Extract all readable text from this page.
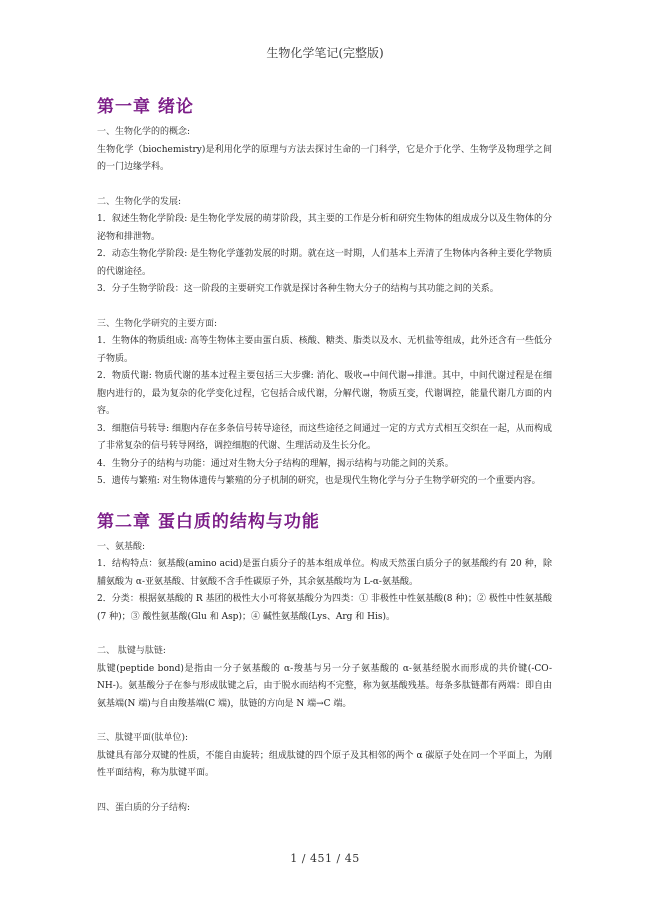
生物化学笔记(完整版)
第一章 绪论

一、生物化学的的概念:

生物化学（biochemistry)是利用化学的原理与方法去探讨生命的一门科学，它是介于化学、生物学及物理学之间的一门边缘学科。

二、生物化学的发展:

1．叙述生物化学阶段: 是生物化学发展的萌芽阶段，其主要的工作是分析和研究生物体的组成成分以及生物体的分泌物和排泄物。

2．动态生物化学阶段: 是生物化学蓬勃发展的时期。就在这一时期，人们基本上弄清了生物体内各种主要化学物质的代谢途径。

3．分子生物学阶段：这一阶段的主要研究工作就是探讨各种生物大分子的结构与其功能之间的关系。

三、生物化学研究的主要方面:

1．生物体的物质组成: 高等生物体主要由蛋白质、核酸、糖类、脂类以及水、无机盐等组成，此外还含有一些低分子物质。

2．物质代谢: 物质代谢的基本过程主要包括三大步骤: 消化、吸收→中间代谢→排泄。其中，中间代谢过程是在细胞内进行的，最为复杂的化学变化过程，它包括合成代谢，分解代谢，物质互变，代谢调控，能量代谢几方面的内容。

3．细胞信号转导: 细胞内存在多条信号转导途径，而这些途径之间通过一定的方式方式相互交织在一起，从而构成了非常复杂的信号转导网络，调控细胞的代谢、生理活动及生长分化。

4．生物分子的结构与功能：通过对生物大分子结构的理解，揭示结构与功能之间的关系。

5．遗传与繁殖: 对生物体遗传与繁殖的分子机制的研究，也是现代生物化学与分子生物学研究的一个重要内容。

第二章 蛋白质的结构与功能

一、氨基酸:

1．结构特点：氨基酸(amino acid)是蛋白质分子的基本组成单位。构成天然蛋白质分子的氨基酸约有 20 种，除脯氨酸为 α-亚氨基酸、甘氨酸不含手性碳原子外，其余氨基酸均为 L-α-氨基酸。

2．分类：根据氨基酸的 R 基团的极性大小可将氨基酸分为四类：① 非极性中性氨基酸(8 种)；② 极性中性氨基酸(7 种)；③ 酸性氨基酸(Glu 和 Asp)；④ 碱性氨基酸(Lys、Arg 和 His)。

二、 肽键与肽链:

肽键(peptide bond)是指由一分子氨基酸的 α-羧基与另一分子氨基酸的 α-氨基经脱水而形成的共价键(-CO-NH-)。氨基酸分子在参与形成肽键之后，由于脱水而结构不完整，称为氨基酸残基。每条多肽链都有两端：即自由氨基端(N 端)与自由羧基端(C 端)，肽链的方向是 N 端→C 端。

三、肽键平面(肽单位):

肽键具有部分双键的性质，不能自由旋转；组成肽键的四个原子及其相邻的两个 α 碳原子处在同一个平面上，为刚性平面结构，称为肽键平面。

四、蛋白质的分子结构:

1 / 451 / 45
